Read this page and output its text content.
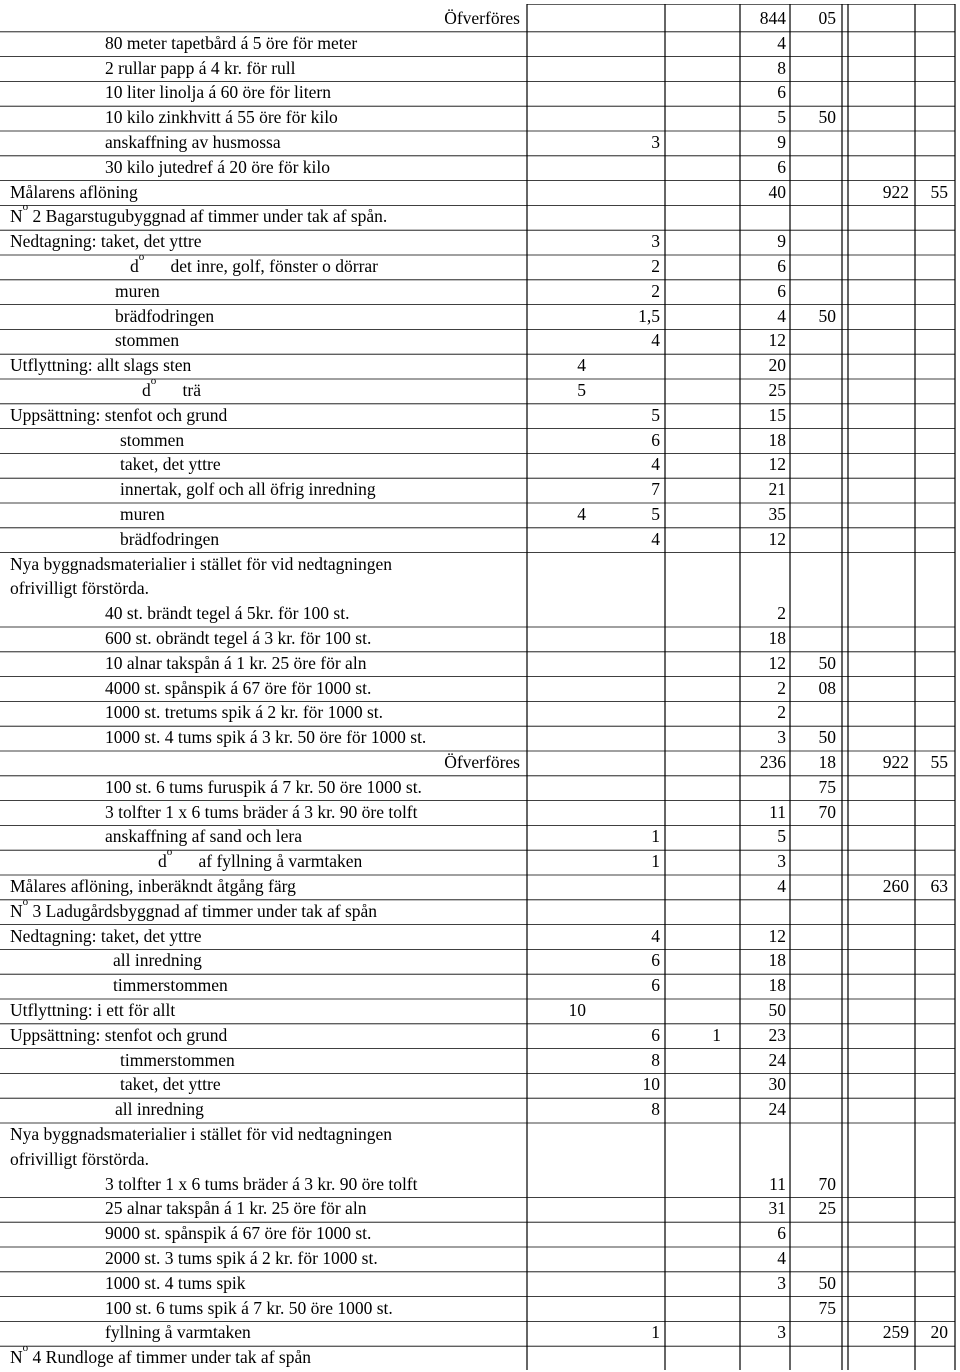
Öfverföres	844 05
80 meter tapetbård á 5 öre för meter	4
2 rullar papp á 4 kr. för rull	8
10 liter linolja á 60 öre för litern	6
10 kilo zinkhvitt á 55 öre för kilo	5 50
anskaffning av husmossa	3	9
30 kilo jutedref á 20 öre för kilo	6
Målarens aflöning	40	922 55
$N^o$ 2 Bagarstugubyggnad af timmer under tak af spån.
Nedtagning: taket, det yttre	3	9
$d^o$      det inre, golf, fönster o dörrar	2	6
muren	2	6
brädfodringen	1,5	4 50
stommen	4	12
Utflyttning: allt slags sten	4	20
$d^o$      trä	5	25
Uppsättning: stenfot och grund	5	15
stommen	6	18
taket, det yttre	4	12
innertak, golf och all öfrig inredning	7	21
muren	4	5	35
brädfodringen	4	12
Nya byggnadsmaterialier i stället för vid nedtagningen
ofrivilligt förstörda.
40 st. brändt tegel á 5kr. för 100 st.	2
600 st. obrändt tegel á 3 kr. för 100 st.	18
10 alnar takspån á 1 kr. 25 öre för aln	12 50
4000 st. spånspik á 67 öre för 1000 st.	2 08
1000 st. tretums spik á 2 kr. för 1000 st.	2
1000 st. 4 tums spik á 3 kr. 50 öre för 1000 st.	3 50
Öfverföres	236 18	922 55
100 st. 6 tums furuspik á 7 kr. 50 öre 1000 st.	75
3 tolfter 1 x 6 tums bräder á 3 kr. 90 öre tolft	11 70
anskaffning af sand och lera	1	5
$d^o$      af fyllning å varmtaken	1	3
Målares aflöning, inberäkndt åtgång färg	4	260 63
$N^o$ 3 Ladugårdsbyggnad af timmer under tak af spån
Nedtagning: taket, det yttre	4	12
all inredning	6	18
timmerstommen	6	18
Utflyttning: i ett för allt	10	50
Uppsättning: stenfot och grund	6	1	23
timmerstommen	8	24
taket, det yttre	10	30
all inredning	8	24
Nya byggnadsmaterialier i stället för vid nedtagningen
ofrivilligt förstörda.
3 tolfter 1 x 6 tums bräder á 3 kr. 90 öre tolft	11 70
25 alnar takspån á 1 kr. 25 öre för aln	31 25
9000 st. spånspik á 67 öre för 1000 st.	6
2000 st. 3 tums spik á 2 kr. för 1000 st.	4
1000 st. 4 tums spik	3 50
100 st. 6 tums spik á 7 kr. 50 öre 1000 st.	75
fyllning å varmtaken	1	3	259 20
$N^o$ 4 Rundloge af timmer under tak af spån
